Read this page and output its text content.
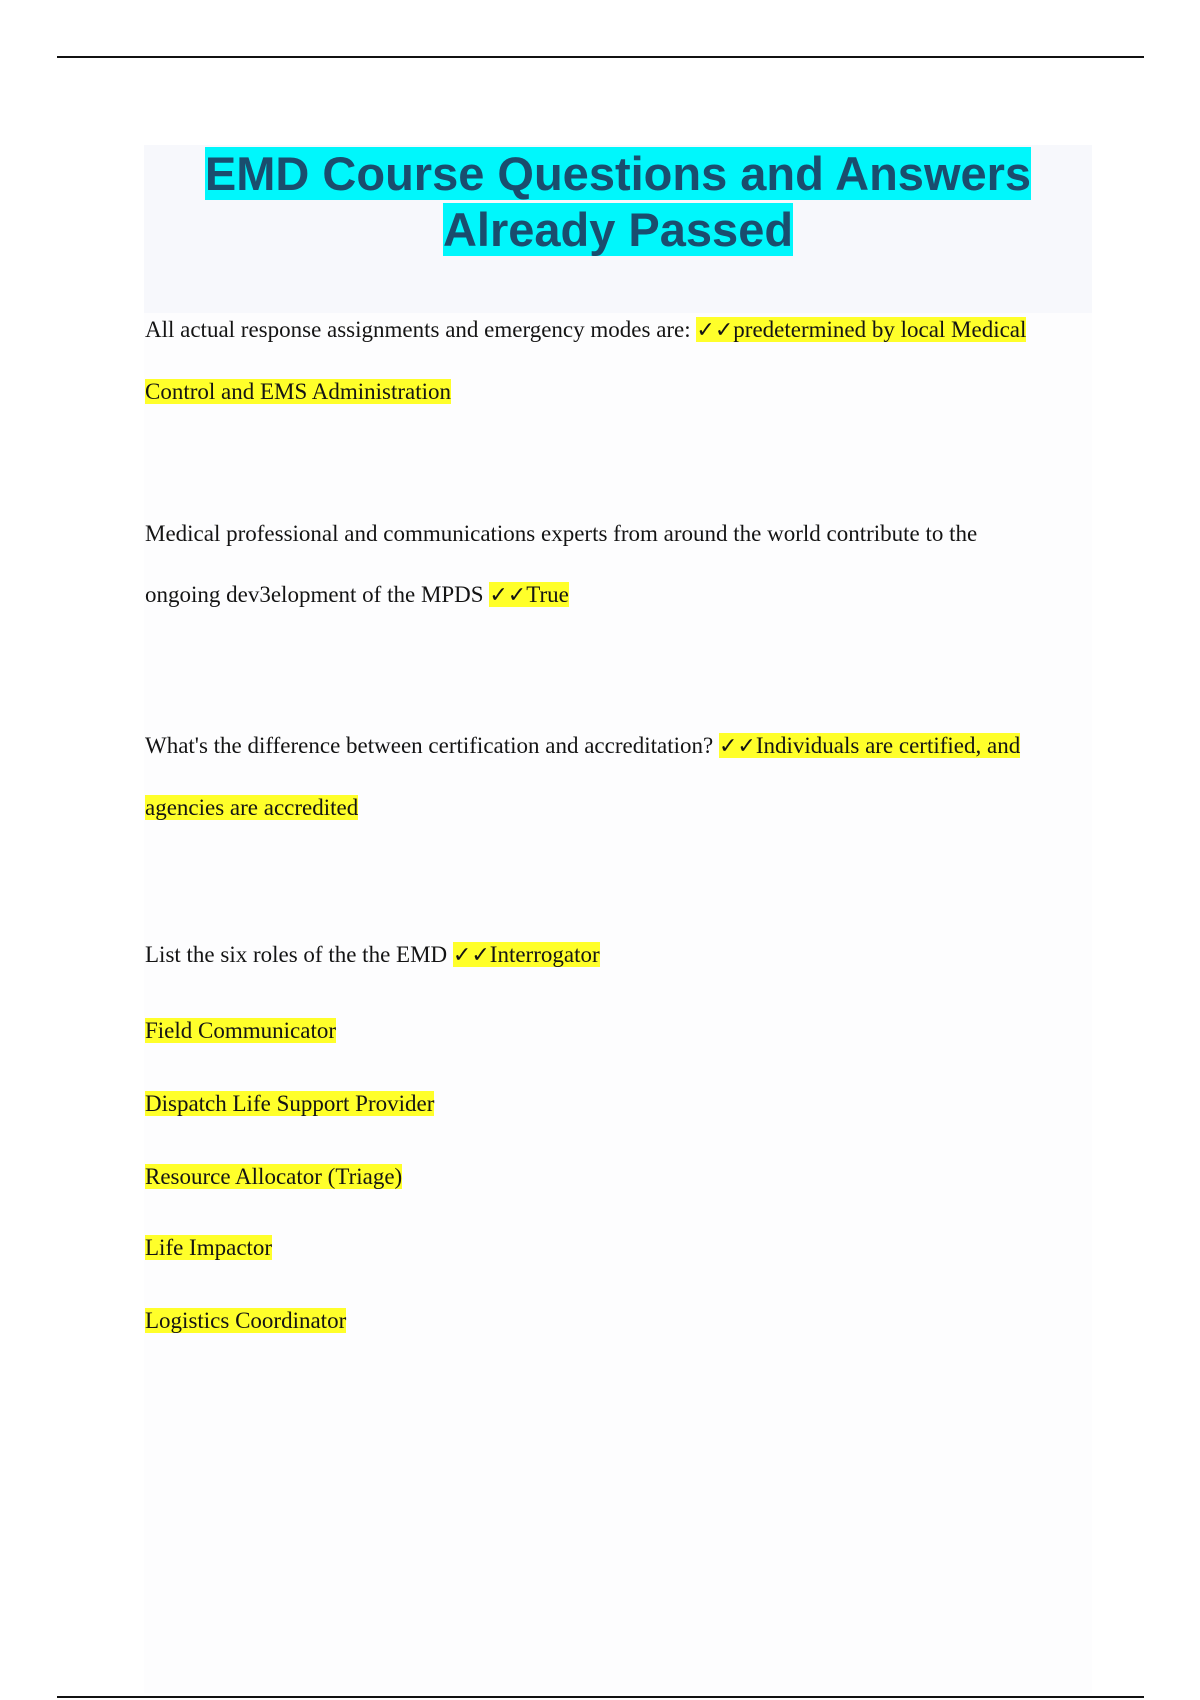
EMD Course Questions and Answers
Already Passed
All actual response assignments and emergency modes are: ✓✓predetermined by local Medical
Control and EMS Administration
Medical professional and communications experts from around the world contribute to the
ongoing dev3elopment of the MPDS ✓✓True
What's the difference between certification and accreditation? ✓✓Individuals are certified, and
agencies are accredited
List the six roles of the the EMD ✓✓Interrogator
Field Communicator
Dispatch Life Support Provider
Resource Allocator (Triage)
Life Impactor
Logistics Coordinator
